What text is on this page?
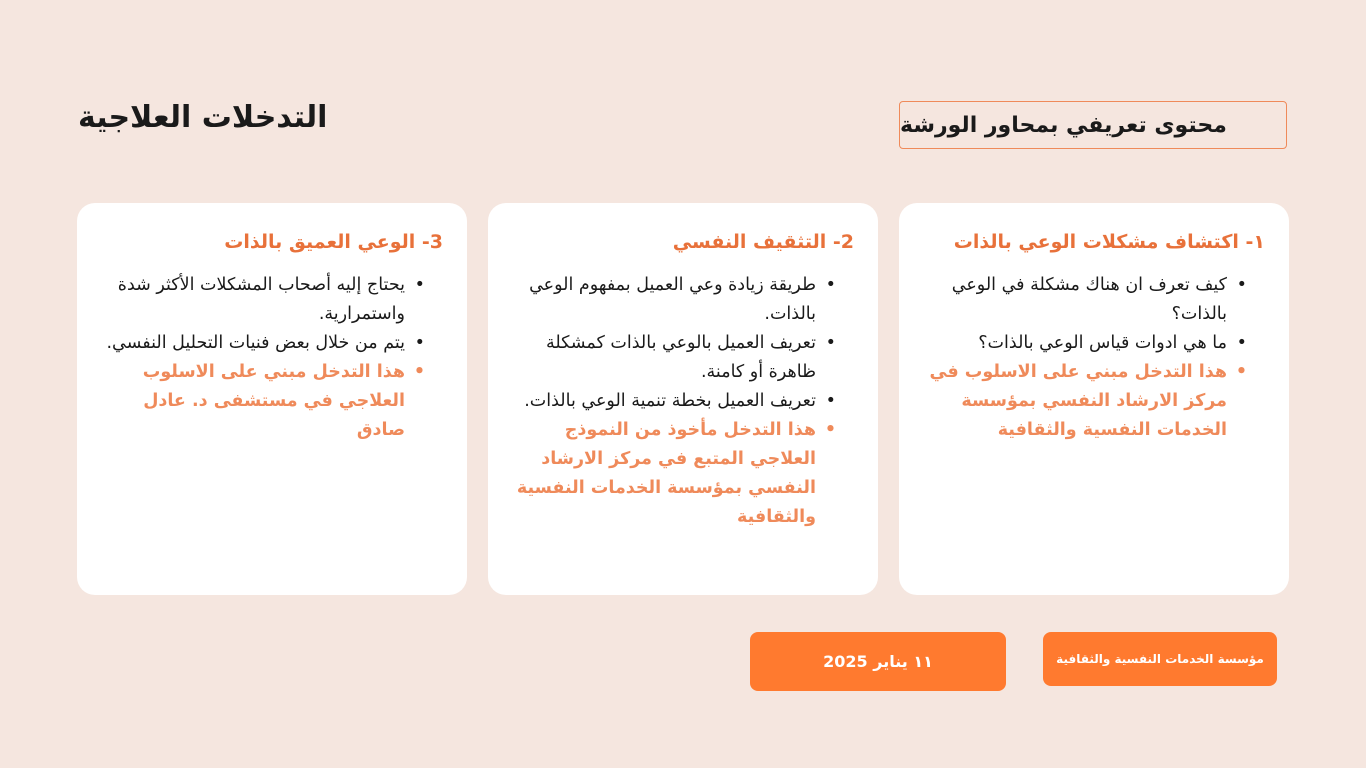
التدخلات العلاجية	محتوى تعريفي بمحاور الورشة
١- اكتشاف مشكلات الوعي بالذات
• كيف تعرف ان هناك مشكلة في الوعي بالذات؟
• ما هي ادوات قياس الوعي بالذات؟
• هذا التدخل مبني على الاسلوب في مركز الارشاد النفسي بمؤسسة الخدمات النفسية والثقافية
2- التثقيف النفسي
• طريقة زيادة وعي العميل بمفهوم الوعي بالذات.
• تعريف العميل بالوعي بالذات كمشكلة ظاهرة أو كامنة.
• تعريف العميل بخطة تنمية الوعي بالذات.
• هذا التدخل مأخوذ من النموذج العلاجي المتبع في مركز الارشاد النفسي بمؤسسة الخدمات النفسية والثقافية
3- الوعي العميق بالذات
• يحتاج إليه أصحاب المشكلات الأكثر شدة واستمرارية.
• يتم من خلال بعض فنيات التحليل النفسي.
• هذا التدخل مبني على الاسلوب العلاجي في مستشفى د. عادل صادق
مؤسسة الخدمات النفسية والثقافية
١١ يناير 2025
